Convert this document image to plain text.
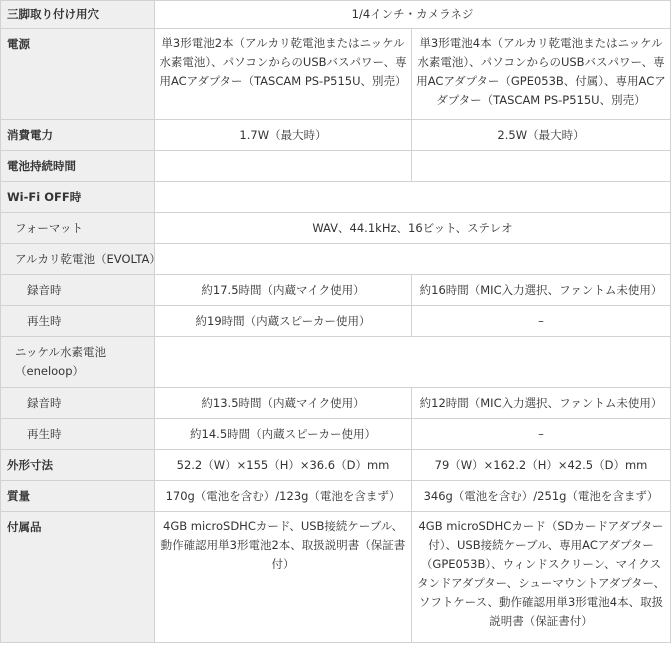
三脚取り付け用穴	1/4インチ・カメラネジ	
電源	単3形電池2本（アルカリ乾電池またはニッケル水素電池）、パソコンからのUSBバスパワー、専用ACアダプター（TASCAM PS-P515U、別売）	単3形電池4本（アルカリ乾電池またはニッケル水素電池）、パソコンからのUSBバスパワー、専用ACアダプター（GPE053B、付属）、専用ACアダプター（TASCAM PS-P515U、別売）
消費電力	1.7W（最大時）	2.5W（最大時）
電池持続時間		
Wi-Fi OFF時		
フォーマット	WAV、44.1kHz、16ビット、ステレオ	
アルカリ乾電池（EVOLTA）		
録音時	約17.5時間（内蔵マイク使用）	約16時間（MIC入力選択、ファントム未使用）
再生時	約19時間（内蔵スピーカー使用）	–
ニッケル水素電池（eneloop）		
録音時	約13.5時間（内蔵マイク使用）	約12時間（MIC入力選択、ファントム未使用）
再生時	約14.5時間（内蔵スピーカー使用）	–
外形寸法	52.2（W）×155（H）×36.6（D）mm	79（W）×162.2（H）×42.5（D）mm
質量	170g（電池を含む）/123g（電池を含まず）	346g（電池を含む）/251g（電池を含まず）
付属品	4GB microSDHCカード、USB接続ケーブル、動作確認用単3形電池2本、取扱説明書（保証書付）	4GB microSDHCカード（SDカードアダプター付）、USB接続ケーブル、専用ACアダプター（GPE053B）、ウィンドスクリーン、マイクスタンドアダプター、シューマウントアダプター、ソフトケース、動作確認用単3形電池4本、取扱説明書（保証書付）
